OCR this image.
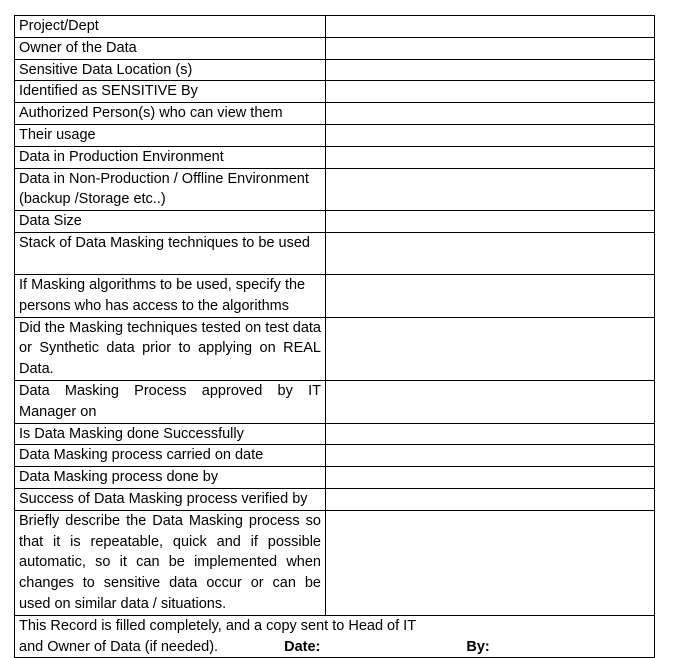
Project/Dept	
Owner of the Data	
Sensitive Data Location (s)	
Identified as SENSITIVE By	
Authorized Person(s) who can view them	
Their usage	
Data in Production Environment	
Data in Non-Production / Offline Environment (backup /Storage etc..)	
Data Size	
Stack of Data Masking techniques to be used	
If Masking algorithms to be used, specify the persons who has access to the algorithms	
Did the Masking techniques tested on test data or Synthetic data prior to applying on REAL Data.	
Data Masking Process approved by IT Manager on	
Is Data Masking done Successfully	
Data Masking process carried on date	
Data Masking process done by	
Success of Data Masking process verified by	
Briefly describe the Data Masking process so that it is repeatable, quick and if possible automatic, so it can be implemented when changes to sensitive data occur or can be used on similar data / situations.	

This Record is filled completely, and a copy sent to Head of IT
and Owner of Data (if needed). Date: By:	
